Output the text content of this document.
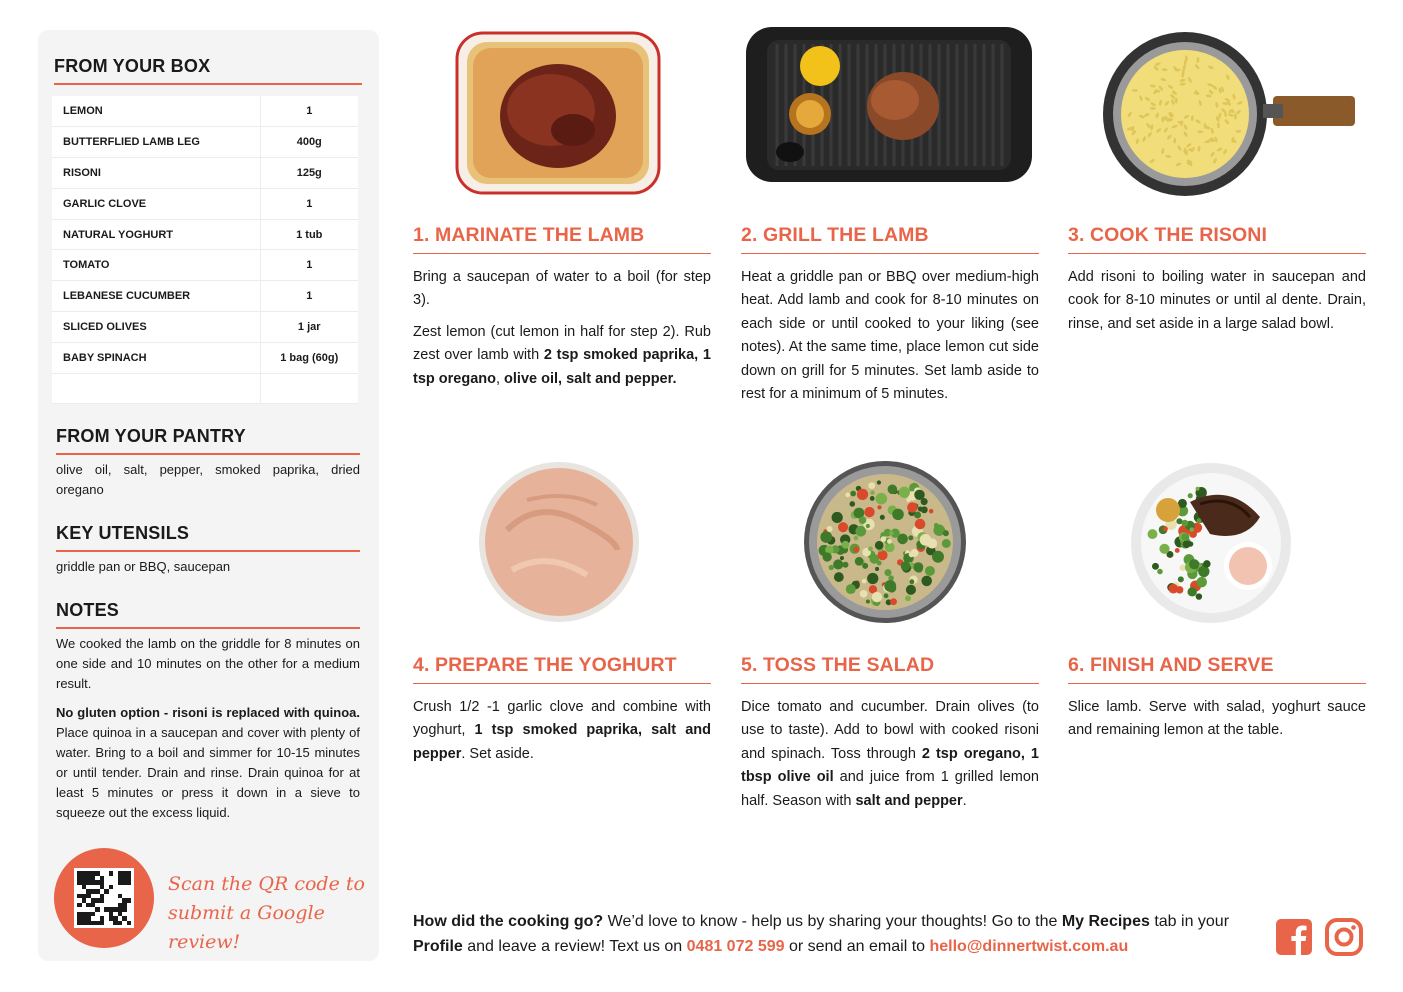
FROM YOUR BOX
LEMON	1
BUTTERFLIED LAMB LEG	400g
RISONI	125g
GARLIC CLOVE	1
NATURAL YOGHURT	1 tub
TOMATO	1
LEBANESE CUCUMBER	1
SLICED OLIVES	1 jar
BABY SPINACH	1 bag (60g)

FROM YOUR PANTRY
olive oil, salt, pepper, smoked paprika, dried oregano
KEY UTENSILS
griddle pan or BBQ, saucepan
NOTES
We cooked the lamb on the griddle for 8 minutes on one side and 10 minutes on the other for a medium result.
No gluten option - risoni is replaced with quinoa. Place quinoa in a saucepan and cover with plenty of water. Bring to a boil and simmer for 10-15 minutes or until tender. Drain and rinse. Drain quinoa for at least 5 minutes or press it down in a sieve to squeeze out the excess liquid.
Scan the QR code to
submit a Google review!
1. MARINATE THE LAMB

Bring a saucepan of water to a boil (for step 3).

Zest lemon (cut lemon in half for step 2). Rub zest over lamb with 2 tsp smoked paprika, 1 tsp oregano, olive oil, salt and pepper.

2. GRILL THE LAMB

Heat a griddle pan or BBQ over medium-high heat. Add lamb and cook for 8-10 minutes on each side or until cooked to your liking (see notes). At the same time, place lemon cut side down on grill for 5 minutes. Set lamb aside to rest for a minimum of 5 minutes.

3. COOK THE RISONI

Add risoni to boiling water in saucepan and cook for 8-10 minutes or until al dente. Drain, rinse, and set aside in a large salad bowl.

4. PREPARE THE YOGHURT

Crush 1/2 -1 garlic clove and combine with yoghurt, 1 tsp smoked paprika, salt and pepper. Set aside.

5. TOSS THE SALAD

Dice tomato and cucumber. Drain olives (to use to taste). Add to bowl with cooked risoni and spinach. Toss through 2 tsp oregano, 1 tbsp olive oil and juice from 1 grilled lemon half. Season with salt and pepper.

6. FINISH AND SERVE

Slice lamb. Serve with salad, yoghurt sauce and remaining lemon at the table.

How did the cooking go? We’d love to know - help us by sharing your thoughts! Go to the My Recipes tab in your Profile and leave a review! Text us on 0481 072 599 or send an email to hello@dinnertwist.com.au
